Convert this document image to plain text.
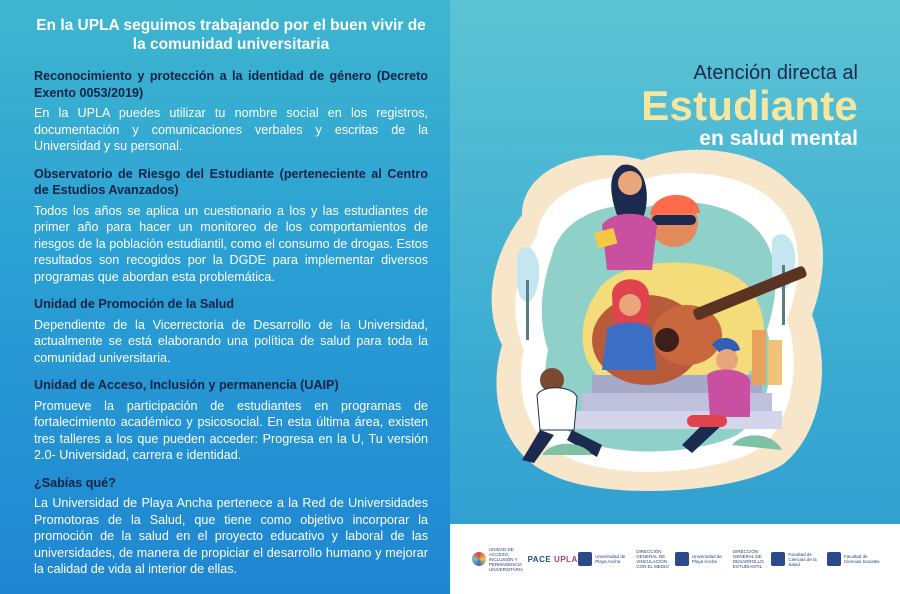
En la UPLA seguimos trabajando por el buen vivir de la comunidad universitaria
Reconocimiento y protección a la identidad de género (Decreto Exento 0053/2019)

En la UPLA puedes utilizar tu nombre social en los registros, documentación y comunicaciones verbales y escritas de la Universidad y su personal.

Observatorio de Riesgo del Estudiante (perteneciente al Centro de Estudios Avanzados)

Todos los años se aplica un cuestionario a los y las estudiantes de primer año para hacer un monitoreo de los comportamientos de riesgos de la población estudiantil, como el consumo de drogas. Estos resultados son recogidos por la DGDE para implementar diversos programas que abordan esta problemática.

Unidad de Promoción de la Salud

Dependiente de la Vicerrectoría de Desarrollo de la Universidad, actualmente se está elaborando una política de salud para toda la comunidad universitaria.

Unidad de Acceso, Inclusión y permanencia (UAIP)

Promueve la participación de estudiantes en programas de fortalecimiento académico y psicosocial. En esta última área, existen tres talleres a los que pueden acceder: Progresa en la U, Tu versión 2.0- Universidad, carrera e identidad.

¿Sabías qué?

La Universidad de Playa Ancha pertenece a la Red de Universidades Promotoras de la Salud, que tiene como objetivo incorporar la promoción de la salud en el proyecto educativo y laboral de las universidades, de manera de propiciar el desarrollo humano y mejorar la calidad de vida al interior de ellas.

Atención directa al
Estudiante
en salud mental
UNIDAD DE ACCESO, INCLUSIÓN Y PERMANENCIA UNIVERSITARIA
PACE UPLA	Universidad de Playa Ancha
DIRECCIÓN GENERAL DE VINCULACIÓN CON EL MEDIO
Universidad de Playa Ancha
DIRECCIÓN GENERAL DE DESARROLLO ESTUDIANTIL
Facultad de Ciencias de la Salud
Facultad de Ciencias Sociales
